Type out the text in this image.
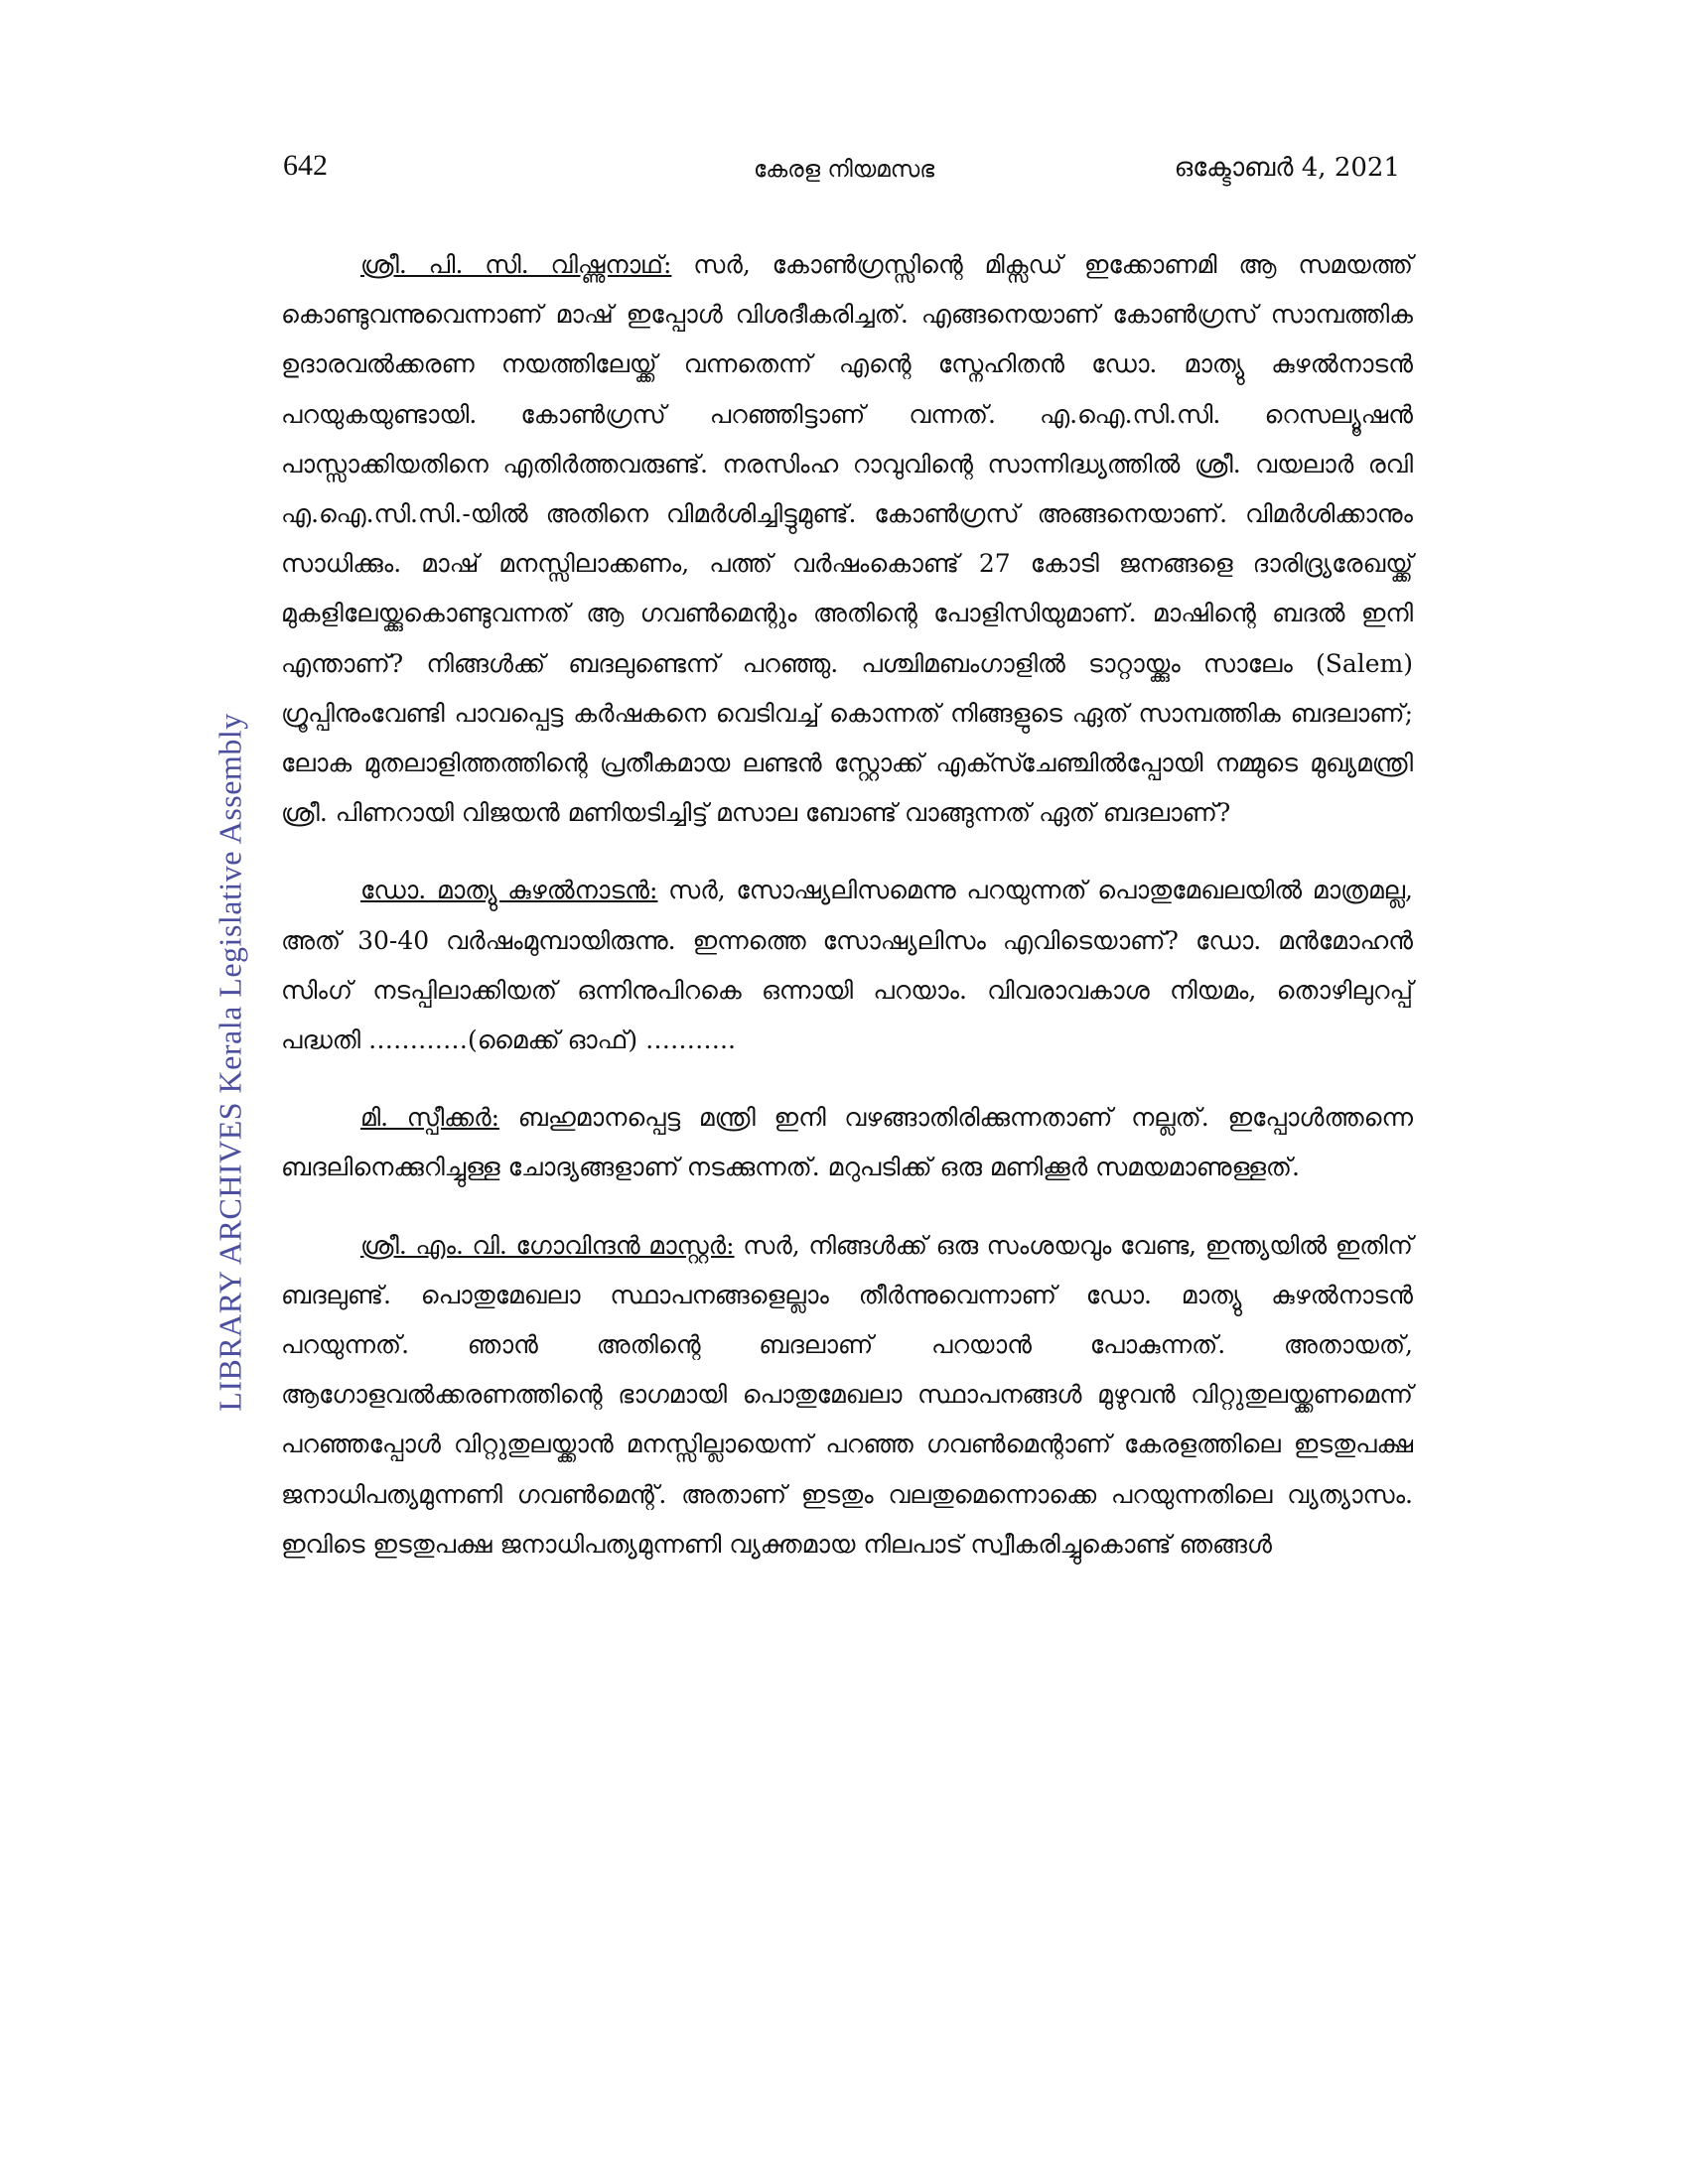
642	കേരള നിയമസഭ	ഒക്ടോബർ 4, 2021
LIBRARY ARCHIVES Kerala Legislative Assembly

ശ്രീ. പി. സി. വിഷ്ണുനാഥ്: സർ, കോൺഗ്രസ്സിന്റെ മിക്സഡ് ഇക്കോണമി ആ സമയത്ത് കൊണ്ടുവന്നുവെന്നാണ് മാഷ് ഇപ്പോൾ വിശദീകരിച്ചത്. എങ്ങനെയാണ് കോൺഗ്രസ് സാമ്പത്തിക ഉദാരവൽക്കരണ നയത്തിലേയ്ക്ക് വന്നതെന്ന് എന്റെ സ്നേഹിതൻ ഡോ. മാത്യു കുഴൽനാടൻ പറയുകയുണ്ടായി. കോൺഗ്രസ് പറഞ്ഞിട്ടാണ് വന്നത്. എ.ഐ.സി.സി. റെസല്യൂഷൻ പാസ്സാക്കിയതിനെ എതിർത്തവരുണ്ട്. നരസിംഹ റാവുവിന്റെ സാന്നിദ്ധ്യത്തിൽ ശ്രീ. വയലാർ രവി എ.ഐ.സി.സി.-യിൽ അതിനെ വിമർശിച്ചിട്ടുമുണ്ട്. കോൺഗ്രസ് അങ്ങനെയാണ്. വിമർശിക്കാനും സാധിക്കും. മാഷ് മനസ്സിലാക്കണം, പത്ത് വർഷംകൊണ്ട് 27 കോടി ജനങ്ങളെ ദാരിദ്ര്യരേഖയ്ക്ക് മുകളിലേയ്ക്കുകൊണ്ടുവന്നത് ആ ഗവൺമെന്റും അതിന്റെ പോളിസിയുമാണ്. മാഷിന്റെ ബദൽ ഇനി എന്താണ്? നിങ്ങൾക്ക് ബദലുണ്ടെന്ന് പറഞ്ഞു. പശ്ചിമബംഗാളിൽ ടാറ്റായ്ക്കും സാലേം (Salem) ഗ്രൂപ്പിനുംവേണ്ടി പാവപ്പെട്ട കർഷകനെ വെടിവച്ച് കൊന്നത് നിങ്ങളുടെ ഏത് സാമ്പത്തിക ബദലാണ്; ലോക മുതലാളിത്തത്തിന്റെ പ്രതീകമായ ലണ്ടൻ സ്റ്റോക്ക് എക്സ്ചേഞ്ചിൽപ്പോയി നമ്മുടെ മുഖ്യമന്ത്രി ശ്രീ. പിണറായി വിജയൻ മണിയടിച്ചിട്ട് മസാല ബോണ്ട് വാങ്ങുന്നത് ഏത് ബദലാണ്?

ഡോ. മാത്യു കുഴൽനാടൻ: സർ, സോഷ്യലിസമെന്നു പറയുന്നത് പൊതുമേഖലയിൽ മാത്രമല്ല, അത് 30-40 വർഷംമുമ്പായിരുന്നു. ഇന്നത്തെ സോഷ്യലിസം എവിടെയാണ്? ഡോ. മൻമോഹൻ സിംഗ് നടപ്പിലാക്കിയത് ഒന്നിനുപിറകെ ഒന്നായി പറയാം. വിവരാവകാശ നിയമം, തൊഴിലുറപ്പ് പദ്ധതി …………(മൈക്ക് ഓഫ്) ………..

മി. സ്പീക്കർ: ബഹുമാനപ്പെട്ട മന്ത്രി ഇനി വഴങ്ങാതിരിക്കുന്നതാണ് നല്ലത്. ഇപ്പോൾത്തന്നെ ബദലിനെക്കുറിച്ചുള്ള ചോദ്യങ്ങളാണ് നടക്കുന്നത്. മറുപടിക്ക് ഒരു മണിക്കൂർ സമയമാണുള്ളത്.

ശ്രീ. എം. വി. ഗോവിന്ദൻ മാസ്റ്റർ: സർ, നിങ്ങൾക്ക് ഒരു സംശയവും വേണ്ട, ഇന്ത്യയിൽ ഇതിന് ബദലുണ്ട്. പൊതുമേഖലാ സ്ഥാപനങ്ങളെല്ലാം തീർന്നുവെന്നാണ് ഡോ. മാത്യു കുഴൽനാടൻ പറയുന്നത്. ഞാൻ അതിന്റെ ബദലാണ് പറയാൻ പോകുന്നത്. അതായത്, ആഗോളവൽക്കരണത്തിന്റെ ഭാഗമായി പൊതുമേഖലാ സ്ഥാപനങ്ങൾ മുഴുവൻ വിറ്റുതുലയ്ക്കണമെന്ന് പറഞ്ഞപ്പോൾ വിറ്റുതുലയ്ക്കാൻ മനസ്സില്ലായെന്ന് പറഞ്ഞ ഗവൺമെന്റാണ് കേരളത്തിലെ ഇടതുപക്ഷ ജനാധിപത്യമുന്നണി ഗവൺമെന്റ്. അതാണ് ഇടതും വലതുമെന്നൊക്കെ പറയുന്നതിലെ വ്യത്യാസം. ഇവിടെ ഇടതുപക്ഷ ജനാധിപത്യമുന്നണി വ്യക്തമായ നിലപാട് സ്വീകരിച്ചുകൊണ്ട് ഞങ്ങൾ
